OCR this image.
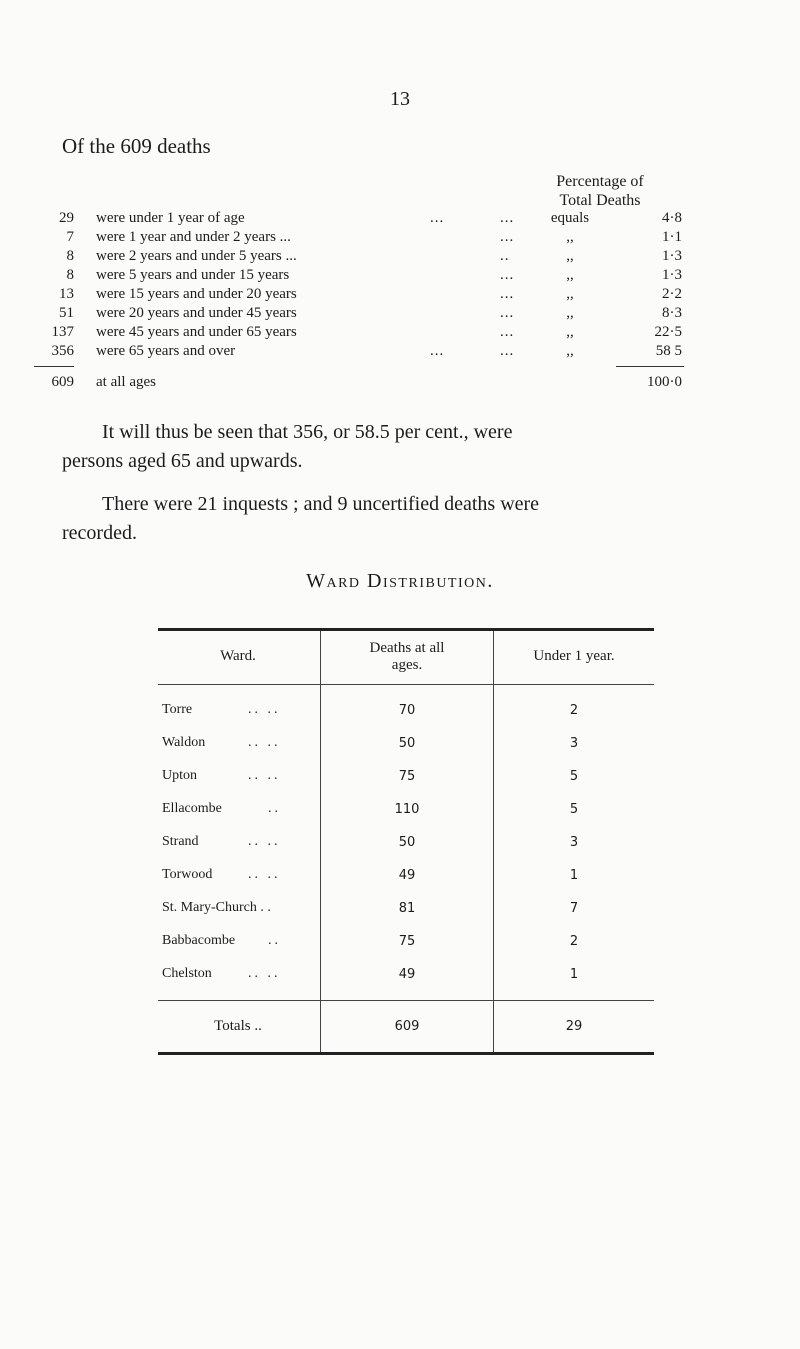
13
Of the 609 deaths
Percentage of
Total Deaths
29 were under 1 year of age	...	...	equals	4·8
7 were 1 year and under 2 years ...	...	,,	1·1
8 were 2 years and under 5 years ...	..	,,	1·3
8 were 5 years and under 15 years	...	,,	1·3
13 were 15 years and under 20 years	...	,,	2·2
51 were 20 years and under 45 years	...	,,	8·3
137 were 45 years and under 65 years	...	,,	22·5
356 were 65 years and over	...	...	,,	58 5
609 at all ages	100·0
It will thus be seen that 356, or 58.5 per cent., were
persons aged 65 and upwards.
There were 21 inquests ; and 9 uncertified deaths were
recorded.
Ward Distribution.
Ward.	Deaths at all
ages.
Under 1 year.
Torre	.. ..	70	2
Waldon	.. ..	50	3
Upton	.. ..	75	5
Ellacombe	..	110	5
Strand	.. ..	50	3
Torwood	.. ..	49	1
St. Mary-Church . .	81	7
Babbacombe	..	75	2
Chelston	.. ..	49	1
Totals ..	609	29
